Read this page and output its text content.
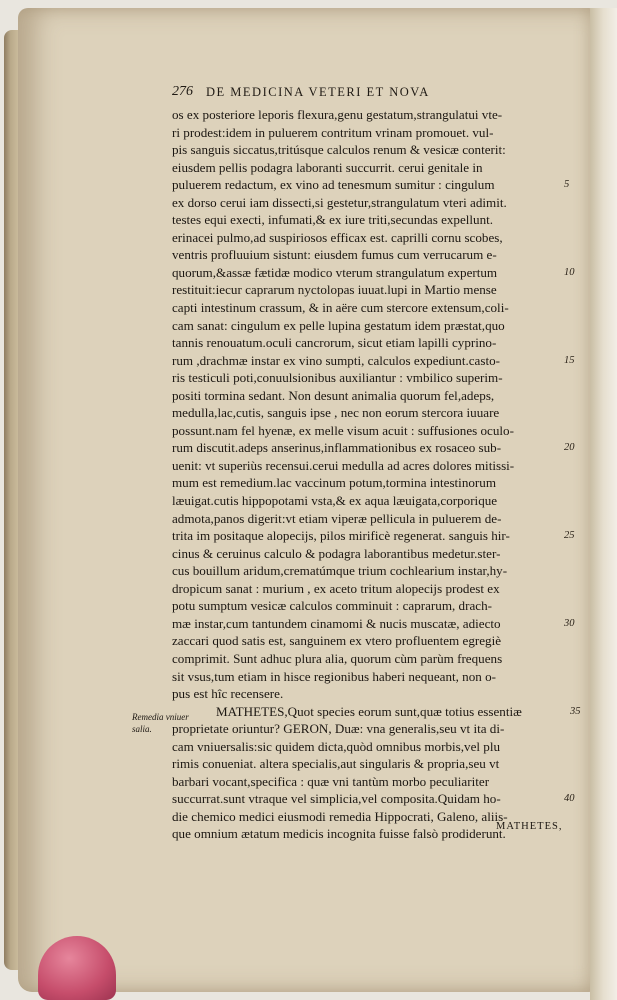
276 DE MEDICINA VETERI ET NOVA
os ex posteriore leporis flexura,genu gestatum,strangulatui vte-
ri prodest:idem in puluerem contritum vrinam promouet. vul-
pis sanguis siccatus,tritúsque calculos renum & vesicæ conterit:
eiusdem pellis podagra laboranti succurrit. cerui genitale in
puluerem redactum, ex vino ad tenesmum sumitur : cingulum
ex dorso cerui iam dissecti,si gestetur,strangulatum vteri adimit.
testes equi execti, infumati,& ex iure triti,secundas expellunt.
erinacei pulmo,ad suspiriosos efficax est. caprilli cornu scobes,
ventris profluuium sistunt: eiusdem fumus cum verrucarum e-
quorum,&assæ fætidæ modico vterum strangulatum expertum
restituit:iecur caprarum nyctolopas iuuat.lupi in Martio mense
capti intestinum crassum, & in aëre cum stercore extensum,coli-
cam sanat: cingulum ex pelle lupina gestatum idem præstat,quo
tannis renouatum.oculi cancrorum, sicut etiam lapilli cyprino-
rum ,drachmæ instar ex vino sumpti, calculos expediunt.casto-
ris testiculi poti,conuulsionibus auxiliantur : vmbilico superim-
positi tormina sedant. Non desunt animalia quorum fel,adeps,
medulla,lac,cutis, sanguis ipse , nec non eorum stercora iuuare
possunt.nam fel hyenæ, ex melle visum acuit : suffusiones oculo-
rum discutit.adeps anserinus,inflammationibus ex rosaceo sub-
uenit: vt superiùs recensui.cerui medulla ad acres dolores mitissi-
mum est remedium.lac vaccinum potum,tormina intestinorum
læuigat.cutis hippopotami vsta,& ex aqua læuigata,corporique
admota,panos digerit:vt etiam viperæ pellicula in puluerem de-
trita im positaque alopecijs, pilos mirificè regenerat. sanguis hir-
cinus & ceruinus calculo & podagra laborantibus medetur.ster-
cus bouillum aridum,crematúmque trium cochlearium instar,hy-
dropicum sanat : murium , ex aceto tritum alopecijs prodest ex
potu sumptum vesicæ calculos comminuit : caprarum, drach-
mæ instar,cum tantundem cinamomi & nucis muscatæ, adiecto
zaccari quod satis est, sanguinem ex vtero profluentem egregiè
comprimit. Sunt adhuc plura alia, quorum cùm parùm frequens
sit vsus,tum etiam in hisce regionibus haberi nequeant, non o-
pus est hîc recensere.
MATHETES,Quot species eorum sunt,quæ totius essentiæ
proprietate oriuntur? GERON, Duæ: vna generalis,seu vt ita di-
cam vniuersalis:sic quidem dicta,quòd omnibus morbis,vel plu
rimis conueniat. altera specialis,aut singularis & propria,seu vt
barbari vocant,specifica : quæ vni tantùm morbo peculiariter
succurrat.sunt vtraque vel simplicia,vel composita.Quidam ho-
die chemico medici eiusmodi remedia Hippocrati, Galeno, aliis-
que omnium ætatum medicis incognita fuisse falsò prodiderunt.
Remedia vniuer salia.
MATHETES,
5
10
15
20
25
30
35
40
